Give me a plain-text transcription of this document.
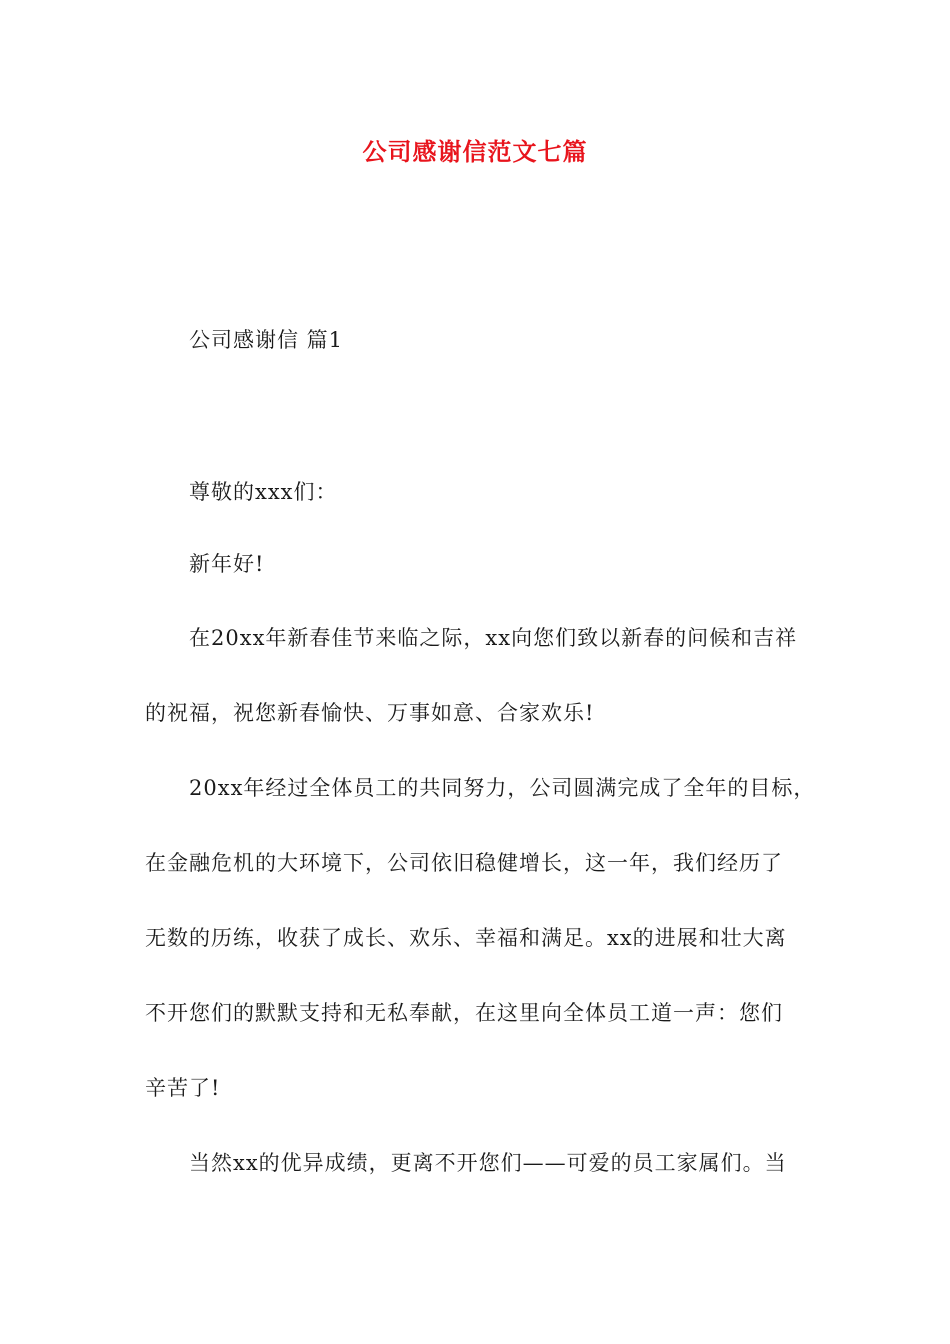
公司感谢信范文七篇
公司感谢信 篇1
尊敬的xxx们：
新年好!
在20xx年新春佳节来临之际，xx向您们致以新春的问候和吉祥
的祝福，祝您新春愉快、万事如意、合家欢乐!
20xx年经过全体员工的共同努力，公司圆满完成了全年的目标，
在金融危机的大环境下，公司依旧稳健增长，这一年，我们经历了
无数的历练，收获了成长、欢乐、幸福和满足。xx的进展和壮大离
不开您们的默默支持和无私奉献，在这里向全体员工道一声：您们
辛苦了!
当然xx的优异成绩，更离不开您们——可爱的员工家属们。当
